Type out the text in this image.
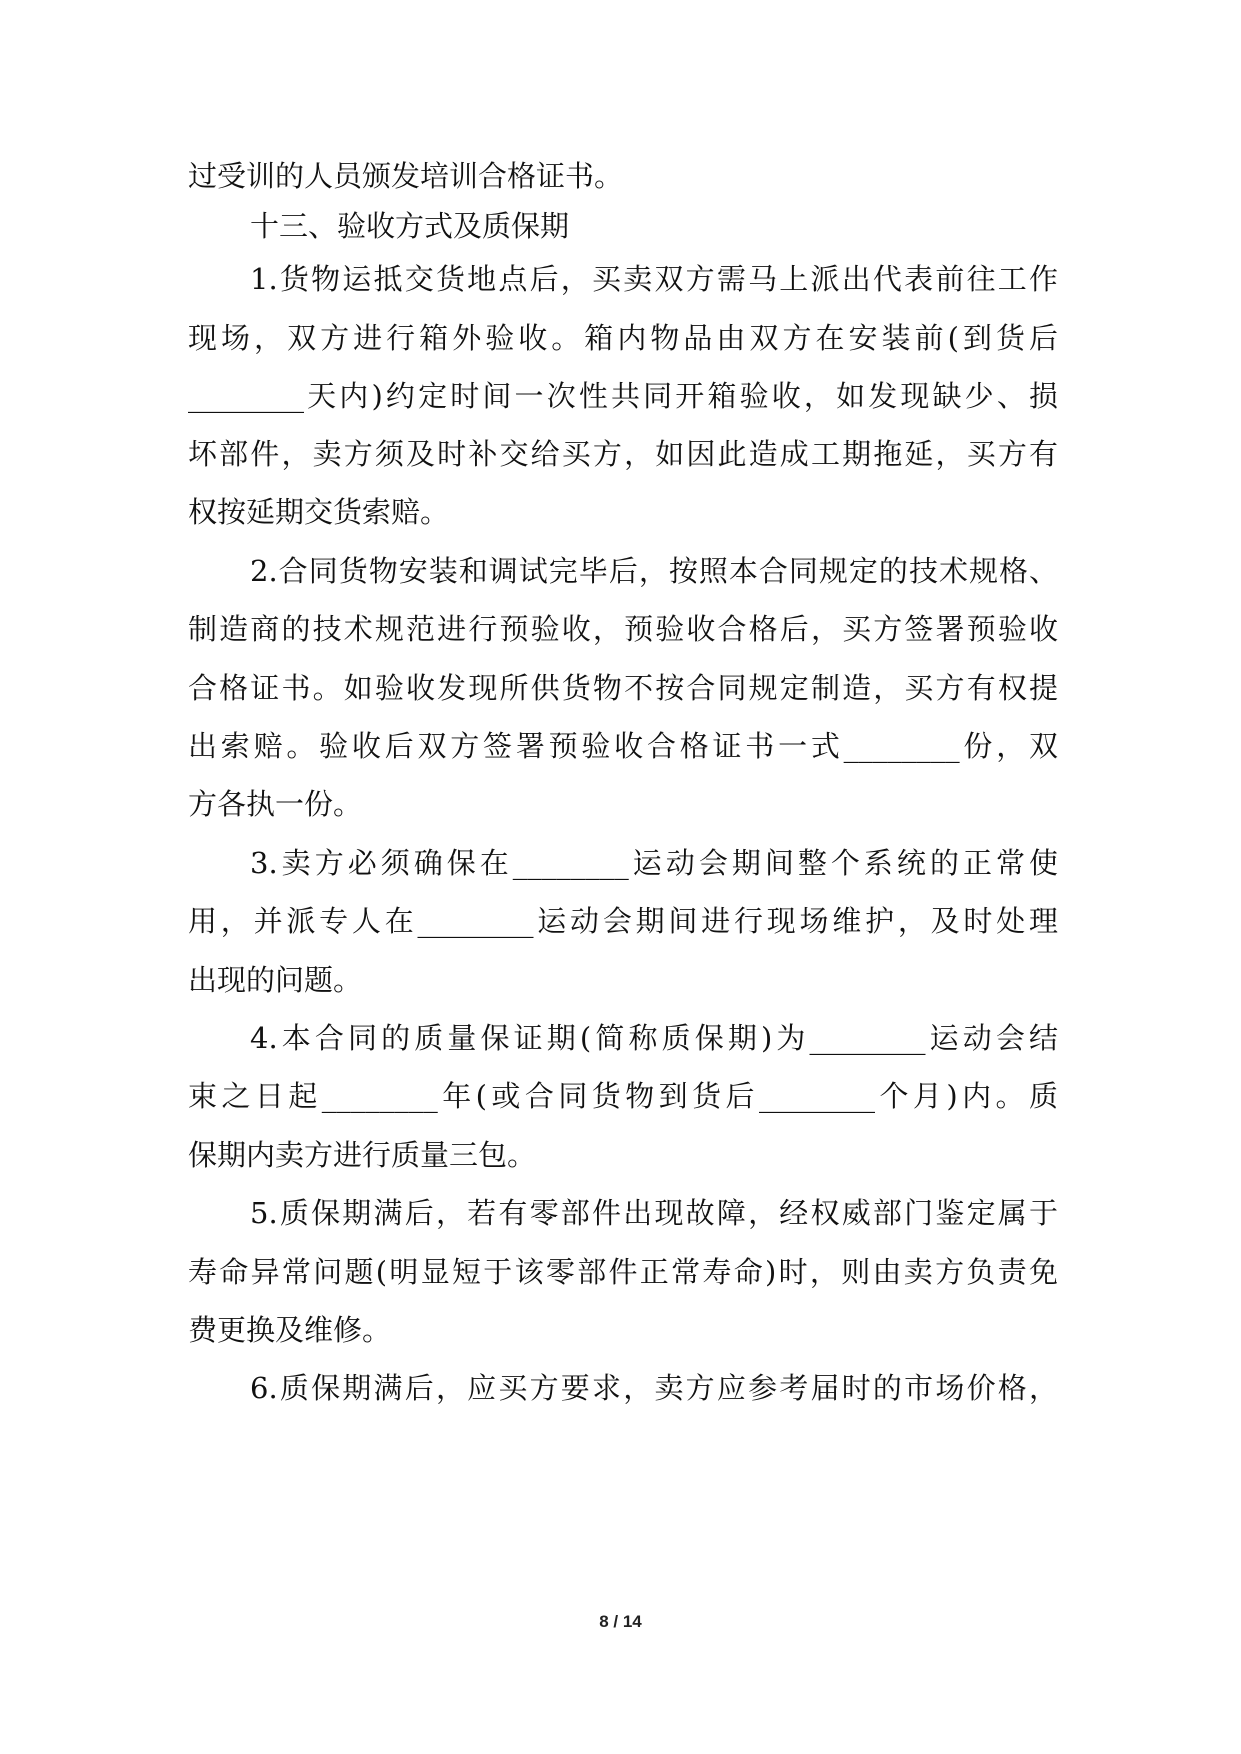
过受训的人员颁发培训合格证书。
十三、验收方式及质保期
1.货物运抵交货地点后，买卖双方需马上派出代表前往工作
现场，双方进行箱外验收。箱内物品由双方在安装前(到货后
________天内)约定时间一次性共同开箱验收，如发现缺少、损
坏部件，卖方须及时补交给买方，如因此造成工期拖延，买方有
权按延期交货索赔。
2.合同货物安装和调试完毕后，按照本合同规定的技术规格、
制造商的技术规范进行预验收，预验收合格后，买方签署预验收
合格证书。如验收发现所供货物不按合同规定制造，买方有权提
出索赔。验收后双方签署预验收合格证书一式________份，双
方各执一份。
3.卖方必须确保在________运动会期间整个系统的正常使
用，并派专人在________运动会期间进行现场维护，及时处理
出现的问题。
4.本合同的质量保证期(简称质保期)为________运动会结
束之日起________年(或合同货物到货后________个月)内。质
保期内卖方进行质量三包。
5.质保期满后，若有零部件出现故障，经权威部门鉴定属于
寿命异常问题(明显短于该零部件正常寿命)时，则由卖方负责免
费更换及维修。
6.质保期满后，应买方要求，卖方应参考届时的市场价格，
8 / 14
